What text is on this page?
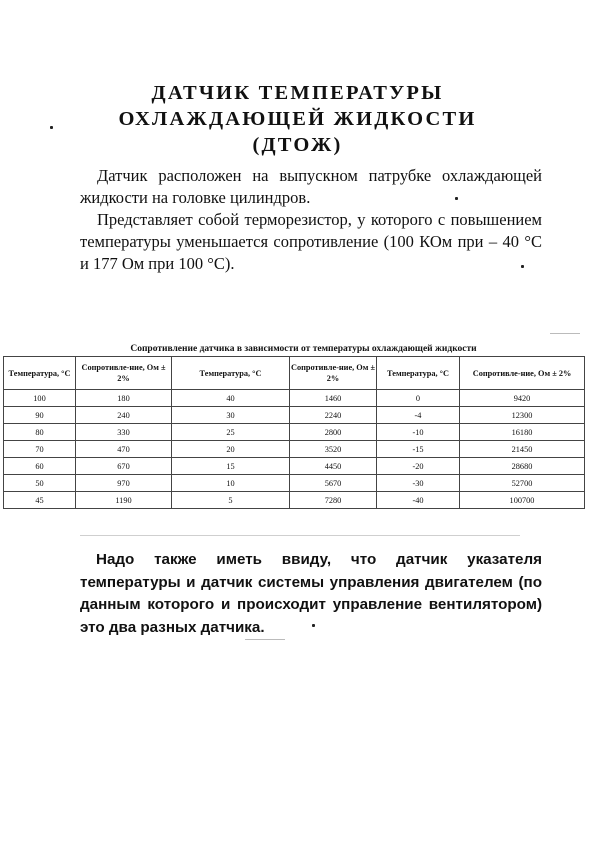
ДАТЧИК ТЕМПЕРАТУРЫ
ОХЛАЖДАЮЩЕЙ ЖИДКОСТИ
(ДТОЖ)
Датчик расположен на выпускном патрубке охлаждающей жидкости на головке цилиндров.
Представляет собой терморезистор, у которого с повышением температуры уменьшается сопротивление (100 КОм при – 40 °С и 177 Ом при 100 °С).
Сопротивление датчика в зависимости от температуры охлаждающей жидкости
Температура, °С	Сопротивле-ние, Ом ± 2%	Температура, °С	Сопротивле-ние, Ом ± 2%	Температура, °С	Сопротивле-ние, Ом ± 2%
100	180	40	1460	0	9420
90	240	30	2240	-4	12300
80	330	25	2800	-10	16180
70	470	20	3520	-15	21450
60	670	15	4450	-20	28680
50	970	10	5670	-30	52700
45	1190	5	7280	-40	100700
Надо также иметь ввиду, что датчик указателя температуры и датчик системы управления двигателем (по данным которого и происходит управление вентилятором) это два разных датчика.
